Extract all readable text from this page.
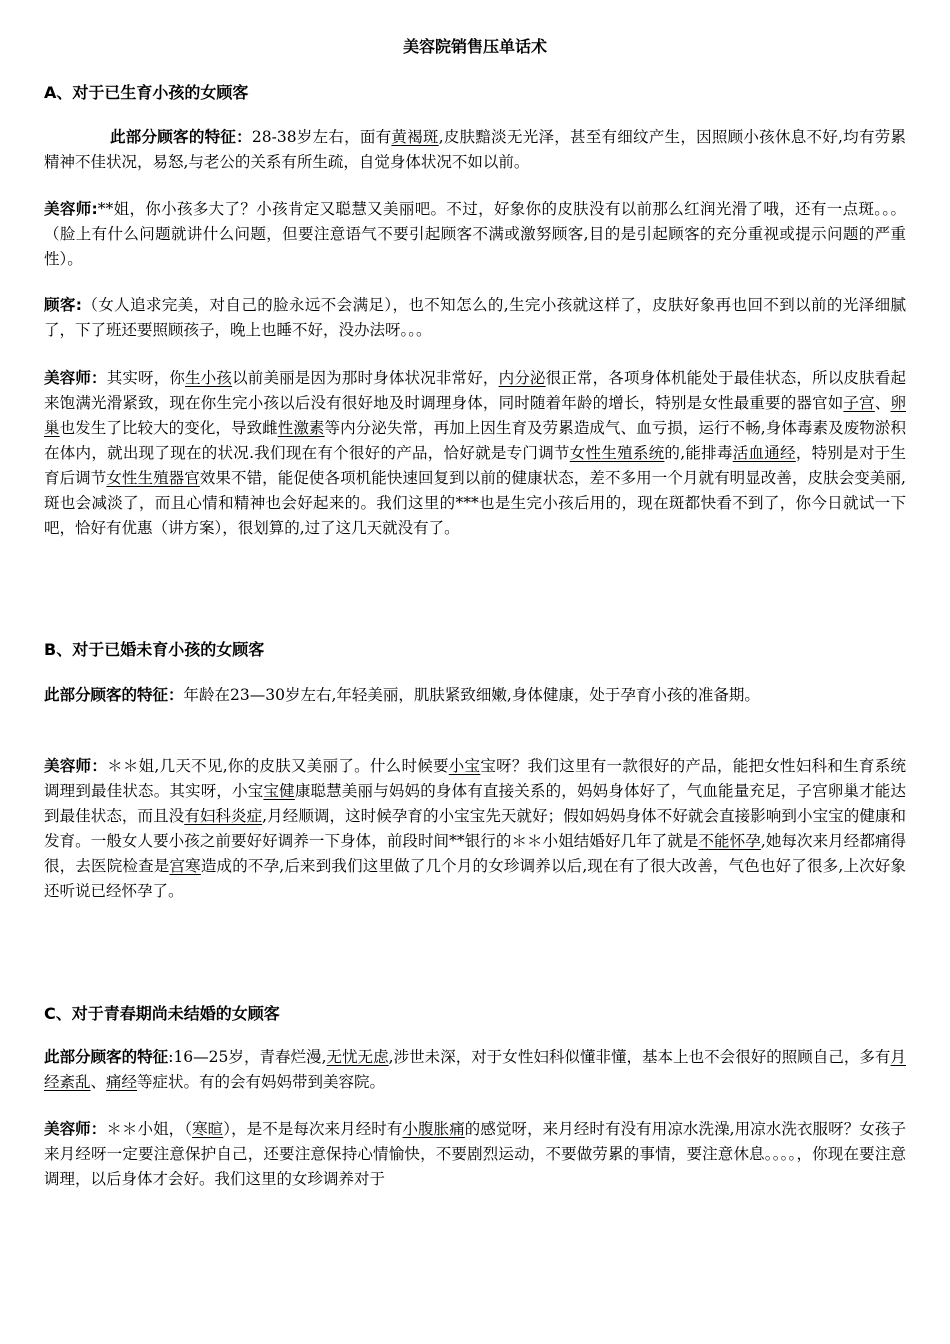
美容院销售压单话术
A、对于已生育小孩的女顾客
此部分顾客的特征：28-38岁左右，面有黄褐斑,皮肤黯淡无光泽，甚至有细纹产生，因照顾小孩休息不好,均有劳累精神不佳状况，易怒,与老公的关系有所生疏，自觉身体状况不如以前。
美容师:**姐，你小孩多大了？小孩肯定又聪慧又美丽吧。不过，好象你的皮肤没有以前那么红润光滑了哦，还有一点斑。。。（脸上有什么问题就讲什么问题，但要注意语气不要引起顾客不满或激努顾客,目的是引起顾客的充分重视或提示问题的严重性）。
顾客:（女人追求完美，对自己的脸永远不会满足），也不知怎么的,生完小孩就这样了，皮肤好象再也回不到以前的光泽细腻了，下了班还要照顾孩子，晚上也睡不好，没办法呀。。。
美容师：其实呀，你生小孩以前美丽是因为那时身体状况非常好，内分泌很正常，各项身体机能处于最佳状态，所以皮肤看起来饱满光滑紧致，现在你生完小孩以后没有很好地及时调理身体，同时随着年龄的增长，特别是女性最重要的器官如子宫、卵巢也发生了比较大的变化，导致雌性激素等内分泌失常，再加上因生育及劳累造成气、血亏损，运行不畅,身体毒素及废物淤积在体内，就出现了现在的状况.我们现在有个很好的产品，恰好就是专门调节女性生殖系统的,能排毒活血通经，特别是对于生育后调节女性生殖器官效果不错，能促使各项机能快速回复到以前的健康状态，差不多用一个月就有明显改善，皮肤会变美丽,斑也会减淡了，而且心情和精神也会好起来的。我们这里的***也是生完小孩后用的，现在斑都快看不到了，你今日就试一下吧，恰好有优惠（讲方案），很划算的,过了这几天就没有了。
B、对于已婚未育小孩的女顾客
此部分顾客的特征：年龄在23—30岁左右,年轻美丽，肌肤紧致细嫩,身体健康，处于孕育小孩的准备期。
美容师：＊＊姐,几天不见,你的皮肤又美丽了。什么时候要小宝宝呀？我们这里有一款很好的产品，能把女性妇科和生育系统调理到最佳状态。其实呀，小宝宝健康聪慧美丽与妈妈的身体有直接关系的，妈妈身体好了，气血能量充足，子宫卵巢才能达到最佳状态，而且没有妇科炎症,月经顺调，这时候孕育的小宝宝先天就好；假如妈妈身体不好就会直接影响到小宝宝的健康和发育。一般女人要小孩之前要好好调养一下身体，前段时间**银行的＊＊小姐结婚好几年了就是不能怀孕,她每次来月经都痛得很，去医院检查是宫寒造成的不孕,后来到我们这里做了几个月的女珍调养以后,现在有了很大改善，气色也好了很多,上次好象还听说已经怀孕了。
C、对于青春期尚未结婚的女顾客
此部分顾客的特征:16—25岁，青春烂漫,无忧无虑,涉世未深，对于女性妇科似懂非懂，基本上也不会很好的照顾自己，多有月经紊乱、痛经等症状。有的会有妈妈带到美容院。
美容师：＊＊小姐，（寒暄），是不是每次来月经时有小腹胀痛的感觉呀，来月经时有没有用凉水洗澡,用凉水洗衣服呀？女孩子来月经呀一定要注意保护自己，还要注意保持心情愉快，不要剧烈运动，不要做劳累的事情，要注意休息。。。。，你现在要注意调理，以后身体才会好。我们这里的女珍调养对于
